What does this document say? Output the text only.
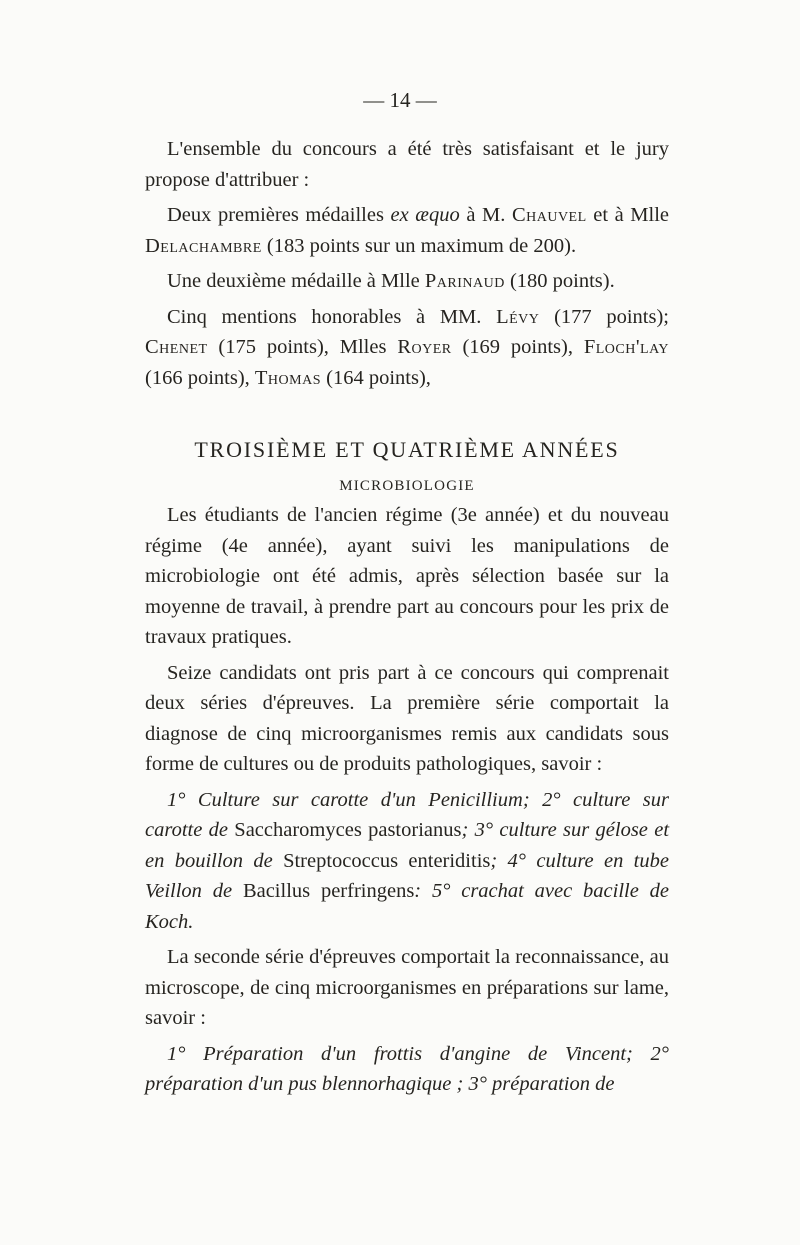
— 14 —

L'ensemble du concours a été très satisfaisant et le jury propose d'attribuer :

Deux premières médailles ex æquo à M. Chauvel et à Mlle Delachambre (183 points sur un maximum de 200).

Une deuxième médaille à Mlle Parinaud (180 points).

Cinq mentions honorables à MM. Lévy (177 points); Chenet (175 points), Mlles Royer (169 points), Floch'lay (166 points), Thomas (164 points),

TROISIÈME ET QUATRIÈME ANNÉES
MICROBIOLOGIE

Les étudiants de l'ancien régime (3e année) et du nouveau régime (4e année), ayant suivi les manipulations de microbiologie ont été admis, après sélection basée sur la moyenne de travail, à prendre part au concours pour les prix de travaux pratiques.

Seize candidats ont pris part à ce concours qui comprenait deux séries d'épreuves. La première série comportait la diagnose de cinq microorganismes remis aux candidats sous forme de cultures ou de produits pathologiques, savoir :

1° Culture sur carotte d'un Penicillium; 2° culture sur carotte de Saccharomyces pastorianus; 3° culture sur gélose et en bouillon de Streptococcus enteriditis; 4° culture en tube Veillon de Bacillus perfringens: 5° crachat avec bacille de Koch.

La seconde série d'épreuves comportait la reconnaissance, au microscope, de cinq microorganismes en préparations sur lame, savoir :

1° Préparation d'un frottis d'angine de Vincent; 2° préparation d'un pus blennorhagique ; 3° préparation de
